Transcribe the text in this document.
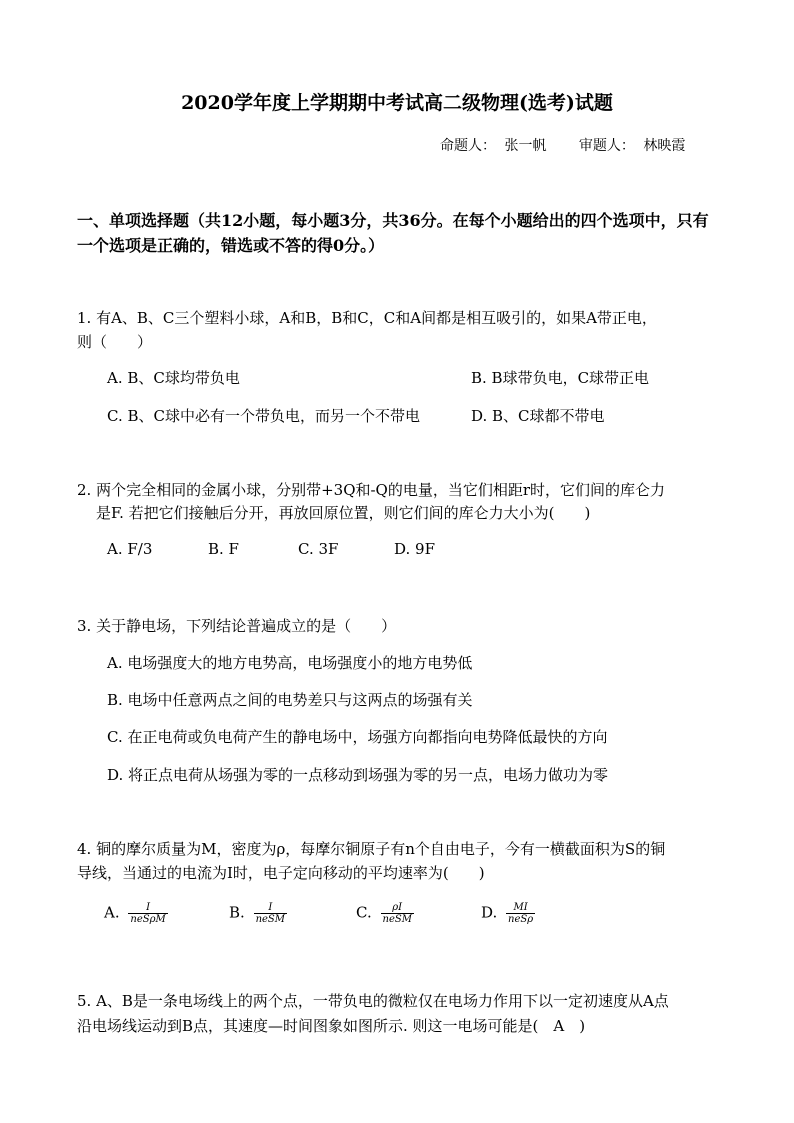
2020学年度上学期期中考试高二级物理(选考)试题
命题人： 张一帆 审题人： 林映霞
一、单项选择题（共12小题，每小题3分，共36分。在每个小题给出的四个选项中，只有
一个选项是正确的，错选或不答的得0分。）
1. 有A、B、C三个塑料小球，A和B，B和C，C和A间都是相互吸引的，如果A带正电，
则（　　）
A. B、C球均带负电	B. B球带负电，C球带正电
C. B、C球中必有一个带负电，而另一个不带电	D. B、C球都不带电
2. 两个完全相同的金属小球，分别带+3Q和-Q的电量，当它们相距r时，它们间的库仑力
是F. 若把它们接触后分开，再放回原位置，则它们间的库仑力大小为(　　)
A. F/3	B. F	C. 3F	D. 9F
3. 关于静电场，下列结论普遍成立的是（　　）
A. 电场强度大的地方电势高，电场强度小的地方电势低
B. 电场中任意两点之间的电势差只与这两点的场强有关
C. 在正电荷或负电荷产生的静电场中，场强方向都指向电势降低最快的方向
D. 将正点电荷从场强为零的一点移动到场强为零的另一点，电场力做功为零
4. 铜的摩尔质量为M，密度为ρ，每摩尔铜原子有n个自由电子，今有一横截面积为S的铜
导线，当通过的电流为I时，电子定向移动的平均速率为(　　)
A. $\frac{I}{\text{neSρM}}$	B. $\frac{I}{\text{neSM}}$	C. $\frac{\rho I}{\text{neSM}}$	D. $\frac{MI}{\text{neSρ}}$
5. A、B是一条电场线上的两个点，一带负电的微粒仅在电场力作用下以一定初速度从A点
沿电场线运动到B点，其速度—时间图象如图所示. 则这一电场可能是(　A　)
